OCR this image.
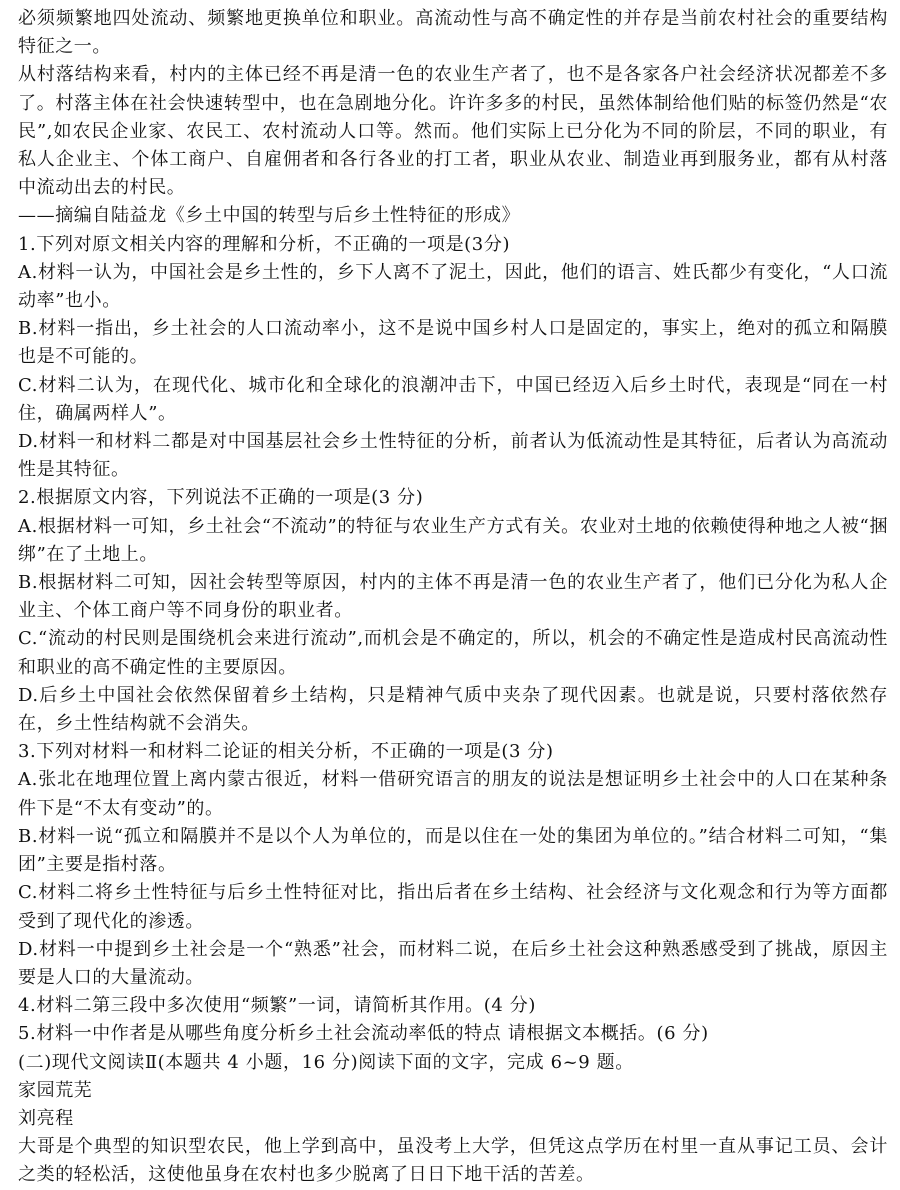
必须频繁地四处流动、频繁地更换单位和职业。高流动性与高不确定性的并存是当前农村社会的重要结构特征之一。

从村落结构来看，村内的主体已经不再是清一色的农业生产者了，也不是各家各户社会经济状况都差不多了。村落主体在社会快速转型中，也在急剧地分化。许许多多的村民，虽然体制给他们贴的标签仍然是“农民”,如农民企业家、农民工、农村流动人口等。然而。他们实际上已分化为不同的阶层，不同的职业，有私人企业主、个体工商户、自雇佣者和各行各业的打工者，职业从农业、制造业再到服务业，都有从村落中流动出去的村民。

——摘编自陆益龙《乡土中国的转型与后乡土性特征的形成》

1.下列对原文相关内容的理解和分析，不正确的一项是(3分)

A.材料一认为，中国社会是乡土性的，乡下人离不了泥土，因此，他们的语言、姓氏都少有变化，“人口流动率”也小。

B.材料一指出，乡土社会的人口流动率小，这不是说中国乡村人口是固定的，事实上，绝对的孤立和隔膜也是不可能的。

C.材料二认为，在现代化、城市化和全球化的浪潮冲击下，中国已经迈入后乡土时代，表现是“同在一村住，确属两样人”。

D.材料一和材料二都是对中国基层社会乡土性特征的分析，前者认为低流动性是其特征，后者认为高流动性是其特征。

2.根据原文内容，下列说法不正确的一项是(3 分)

A.根据材料一可知，乡土社会“不流动”的特征与农业生产方式有关。农业对土地的依赖使得种地之人被“捆绑”在了土地上。

B.根据材料二可知，因社会转型等原因，村内的主体不再是清一色的农业生产者了，他们已分化为私人企业主、个体工商户等不同身份的职业者。

C.“流动的村民则是围绕机会来进行流动”,而机会是不确定的，所以，机会的不确定性是造成村民高流动性和职业的高不确定性的主要原因。

D.后乡土中国社会依然保留着乡土结构，只是精神气质中夹杂了现代因素。也就是说，只要村落依然存在，乡土性结构就不会消失。

3.下列对材料一和材料二论证的相关分析，不正确的一项是(3 分)

A.张北在地理位置上离内蒙古很近，材料一借研究语言的朋友的说法是想证明乡土社会中的人口在某种条件下是“不太有变动”的。

B.材料一说“孤立和隔膜并不是以个人为单位的，而是以住在一处的集团为单位的。”结合材料二可知，“集团”主要是指村落。

C.材料二将乡土性特征与后乡土性特征对比，指出后者在乡土结构、社会经济与文化观念和行为等方面都受到了现代化的渗透。

D.材料一中提到乡土社会是一个“熟悉”社会，而材料二说，在后乡土社会这种熟悉感受到了挑战，原因主要是人口的大量流动。

4.材料二第三段中多次使用“频繁”一词，请简析其作用。(4 分)

5.材料一中作者是从哪些角度分析乡土社会流动率低的特点 请根据文本概括。(6 分)

(二)现代文阅读Ⅱ(本题共 4 小题，16 分)阅读下面的文字，完成 6~9 题。

家园荒芜

刘亮程

大哥是个典型的知识型农民，他上学到高中，虽没考上大学，但凭这点学历在村里一直从事记工员、会计之类的轻松活，这使他虽身在农村也多少脱离了日日下地干活的苦差。
